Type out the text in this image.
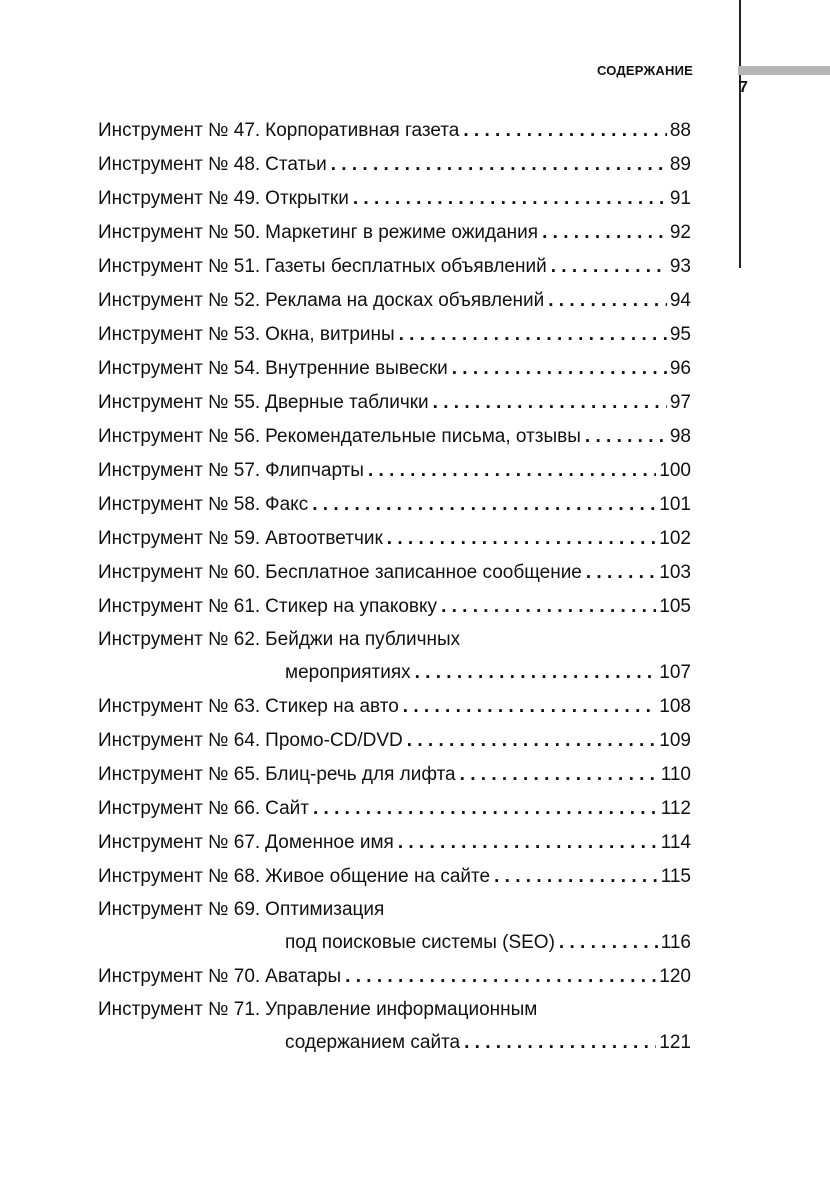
СОДЕРЖАНИЕ
7
Инструмент № 47. Корпоративная газета . . .	88
Инструмент № 48. Статьи . . .	89
Инструмент № 49. Открытки . . .	91
Инструмент № 50. Маркетинг в режиме ожидания . . .	92
Инструмент № 51. Газеты бесплатных объявлений . . .	93
Инструмент № 52. Реклама на досках объявлений . . .	94
Инструмент № 53. Окна, витрины . . .	95
Инструмент № 54. Внутренние вывески . . .	96
Инструмент № 55. Дверные таблички . . .	97
Инструмент № 56. Рекомендательные письма, отзывы . . .	98
Инструмент № 57. Флипчарты . . .	100
Инструмент № 58. Факс . . .	101
Инструмент № 59. Автоответчик . . .	102
Инструмент № 60. Бесплатное записанное сообщение . . .	103
Инструмент № 61. Стикер на упаковку . . .	105
Инструмент № 62. Бейджи на публичных
мероприятиях . . .	107
Инструмент № 63. Стикер на авто . . .	108
Инструмент № 64. Промо-CD/DVD . . .	109
Инструмент № 65. Блиц-речь для лифта . . .	110
Инструмент № 66. Сайт . . .	112
Инструмент № 67. Доменное имя . . .	114
Инструмент № 68. Живое общение на сайте . . .	115
Инструмент № 69. Оптимизация
под поисковые системы (SEO) . . .	116
Инструмент № 70. Аватары . . .	120
Инструмент № 71. Управление информационным
содержанием сайта . . .	121
